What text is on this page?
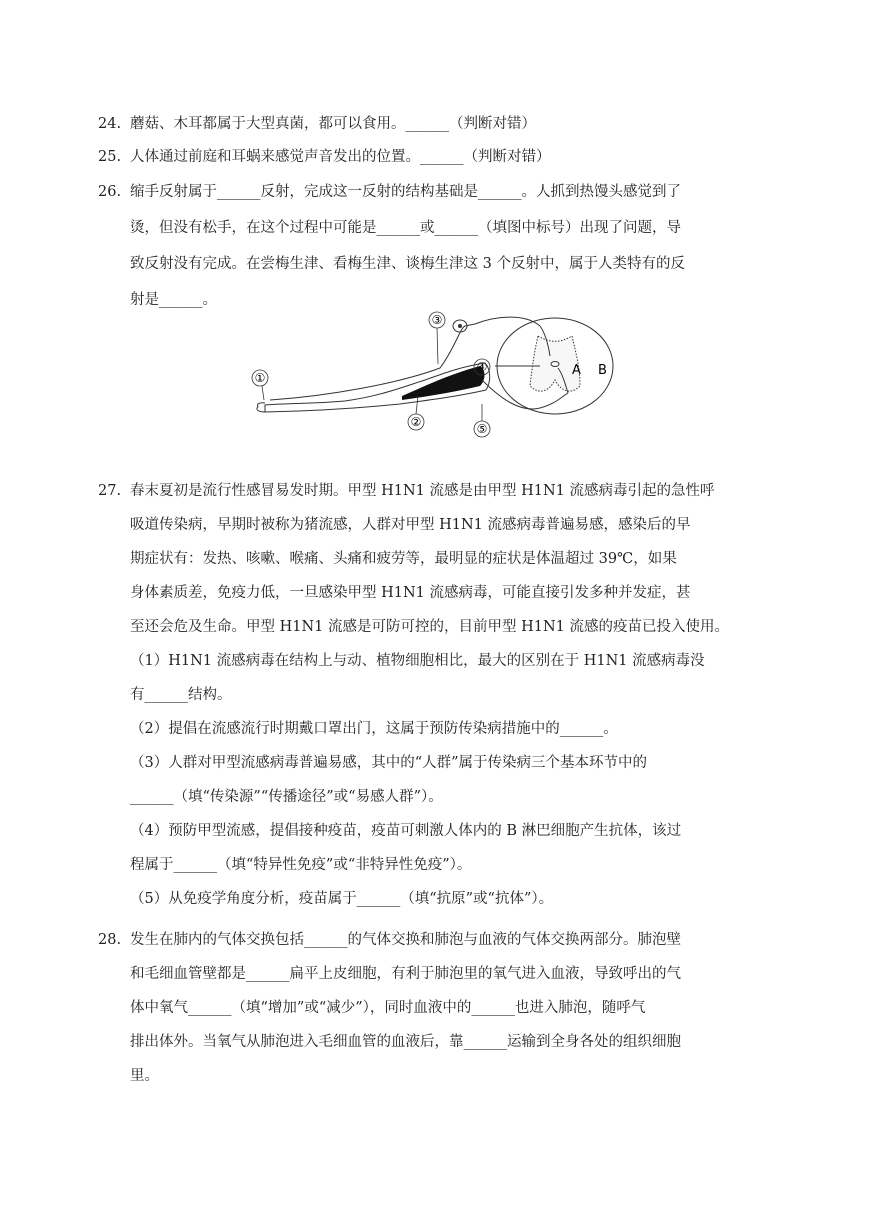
24. 蘑菇、木耳都属于大型真菌，都可以食用。______（判断对错）
25. 人体通过前庭和耳蜗来感觉声音发出的位置。______（判断对错）
26. 缩手反射属于______反射，完成这一反射的结构基础是______。人抓到热馒头感觉到了
烫，但没有松手，在这个过程中可能是______或______（填图中标号）出现了问题，导
致反射没有完成。在尝梅生津、看梅生津、谈梅生津这 3 个反射中，属于人类特有的反
射是______。
①
②
③
④
⑤
A B
27. 春末夏初是流行性感冒易发时期。甲型 H1N1 流感是由甲型 H1N1 流感病毒引起的急性呼
吸道传染病，早期时被称为猪流感，人群对甲型 H1N1 流感病毒普遍易感，感染后的早
期症状有：发热、咳嗽、喉痛、头痛和疲劳等，最明显的症状是体温超过 39℃，如果
身体素质差，免疫力低，一旦感染甲型 H1N1 流感病毒，可能直接引发多种并发症，甚
至还会危及生命。甲型 H1N1 流感是可防可控的，目前甲型 H1N1 流感的疫苗已投入使用。
（1）H1N1 流感病毒在结构上与动、植物细胞相比，最大的区别在于 H1N1 流感病毒没
有______结构。
（2）提倡在流感流行时期戴口罩出门，这属于预防传染病措施中的______。
（3）人群对甲型流感病毒普遍易感，其中的“人群”属于传染病三个基本环节中的
______（填“传染源”“传播途径”或“易感人群”）。
（4）预防甲型流感，提倡接种疫苗，疫苗可刺激人体内的 B 淋巴细胞产生抗体，该过
程属于______（填“特异性免疫”或“非特异性免疫”）。
（5）从免疫学角度分析，疫苗属于______（填“抗原”或“抗体”）。
28. 发生在肺内的气体交换包括______的气体交换和肺泡与血液的气体交换两部分。肺泡壁
和毛细血管壁都是______扁平上皮细胞，有利于肺泡里的氧气进入血液，导致呼出的气
体中氧气______（填“增加”或“减少”），同时血液中的______也进入肺泡，随呼气
排出体外。当氧气从肺泡进入毛细血管的血液后，靠______运输到全身各处的组织细胞
里。
